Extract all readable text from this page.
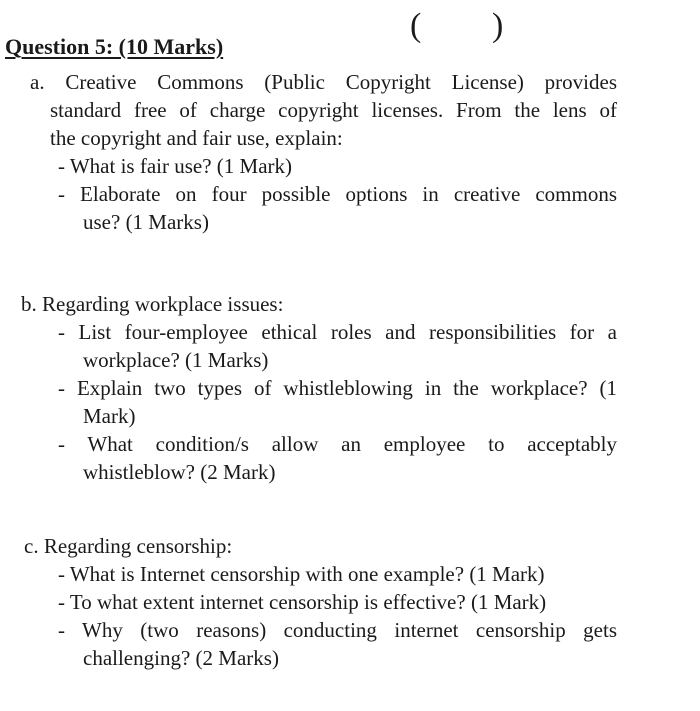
( )
Question 5: (10 Marks)
a. Creative Commons (Public Copyright License) provides
standard free of charge copyright licenses. From the lens of
the copyright and fair use, explain:
- What is fair use? (1 Mark)
- Elaborate on four possible options in creative commons
use? (1 Marks)
b. Regarding workplace issues:
- List four-employee ethical roles and responsibilities for a
workplace? (1 Marks)
- Explain two types of whistleblowing in the workplace? (1
Mark)
- What condition/s allow an employee to acceptably
whistleblow? (2 Mark)
c. Regarding censorship:
- What is Internet censorship with one example? (1 Mark)
- To what extent internet censorship is effective? (1 Mark)
- Why (two reasons) conducting internet censorship gets
challenging? (2 Marks)
